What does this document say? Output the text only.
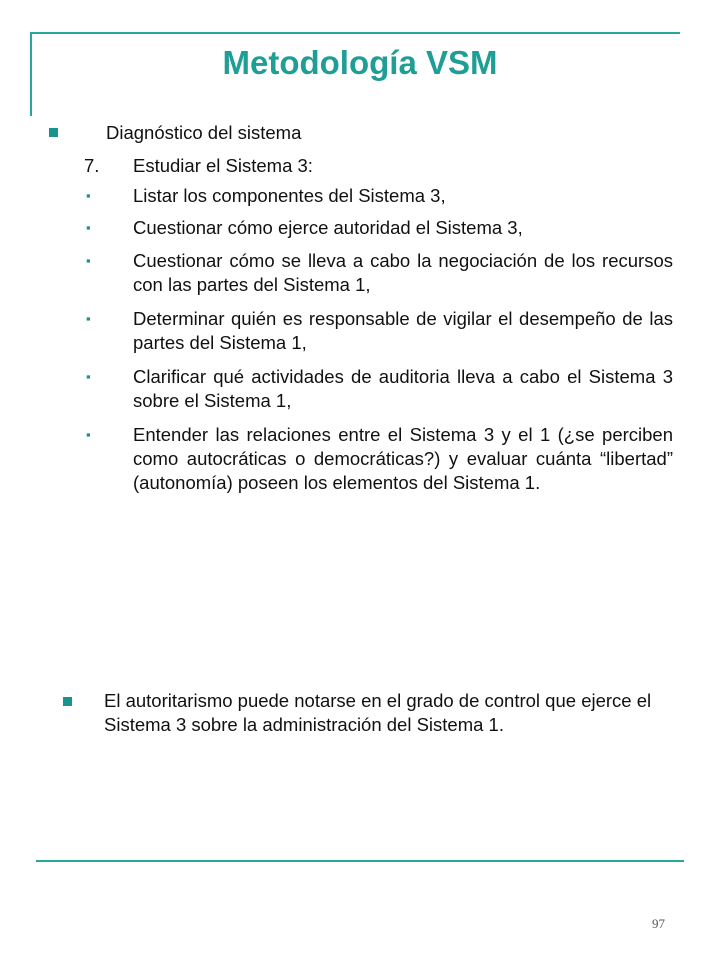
Metodología VSM
Diagnóstico del sistema
7. Estudiar el Sistema 3:
▪ Listar los componentes del Sistema 3,
▪ Cuestionar cómo ejerce autoridad el Sistema 3,
▪ Cuestionar cómo se lleva a cabo la negociación de los recursos con las partes del Sistema 1,
▪ Determinar quién es responsable de vigilar el desempeño de las partes del Sistema 1,
▪ Clarificar qué actividades de auditoria lleva a cabo el Sistema 3 sobre el Sistema 1,
▪ Entender las relaciones entre el Sistema 3 y el 1 (¿se perciben como autocráticas o democráticas?) y evaluar cuánta “libertad” (autonomía) poseen los elementos del Sistema 1.
El autoritarismo puede notarse en el grado de control que ejerce el Sistema 3 sobre la administración del Sistema 1.
97
